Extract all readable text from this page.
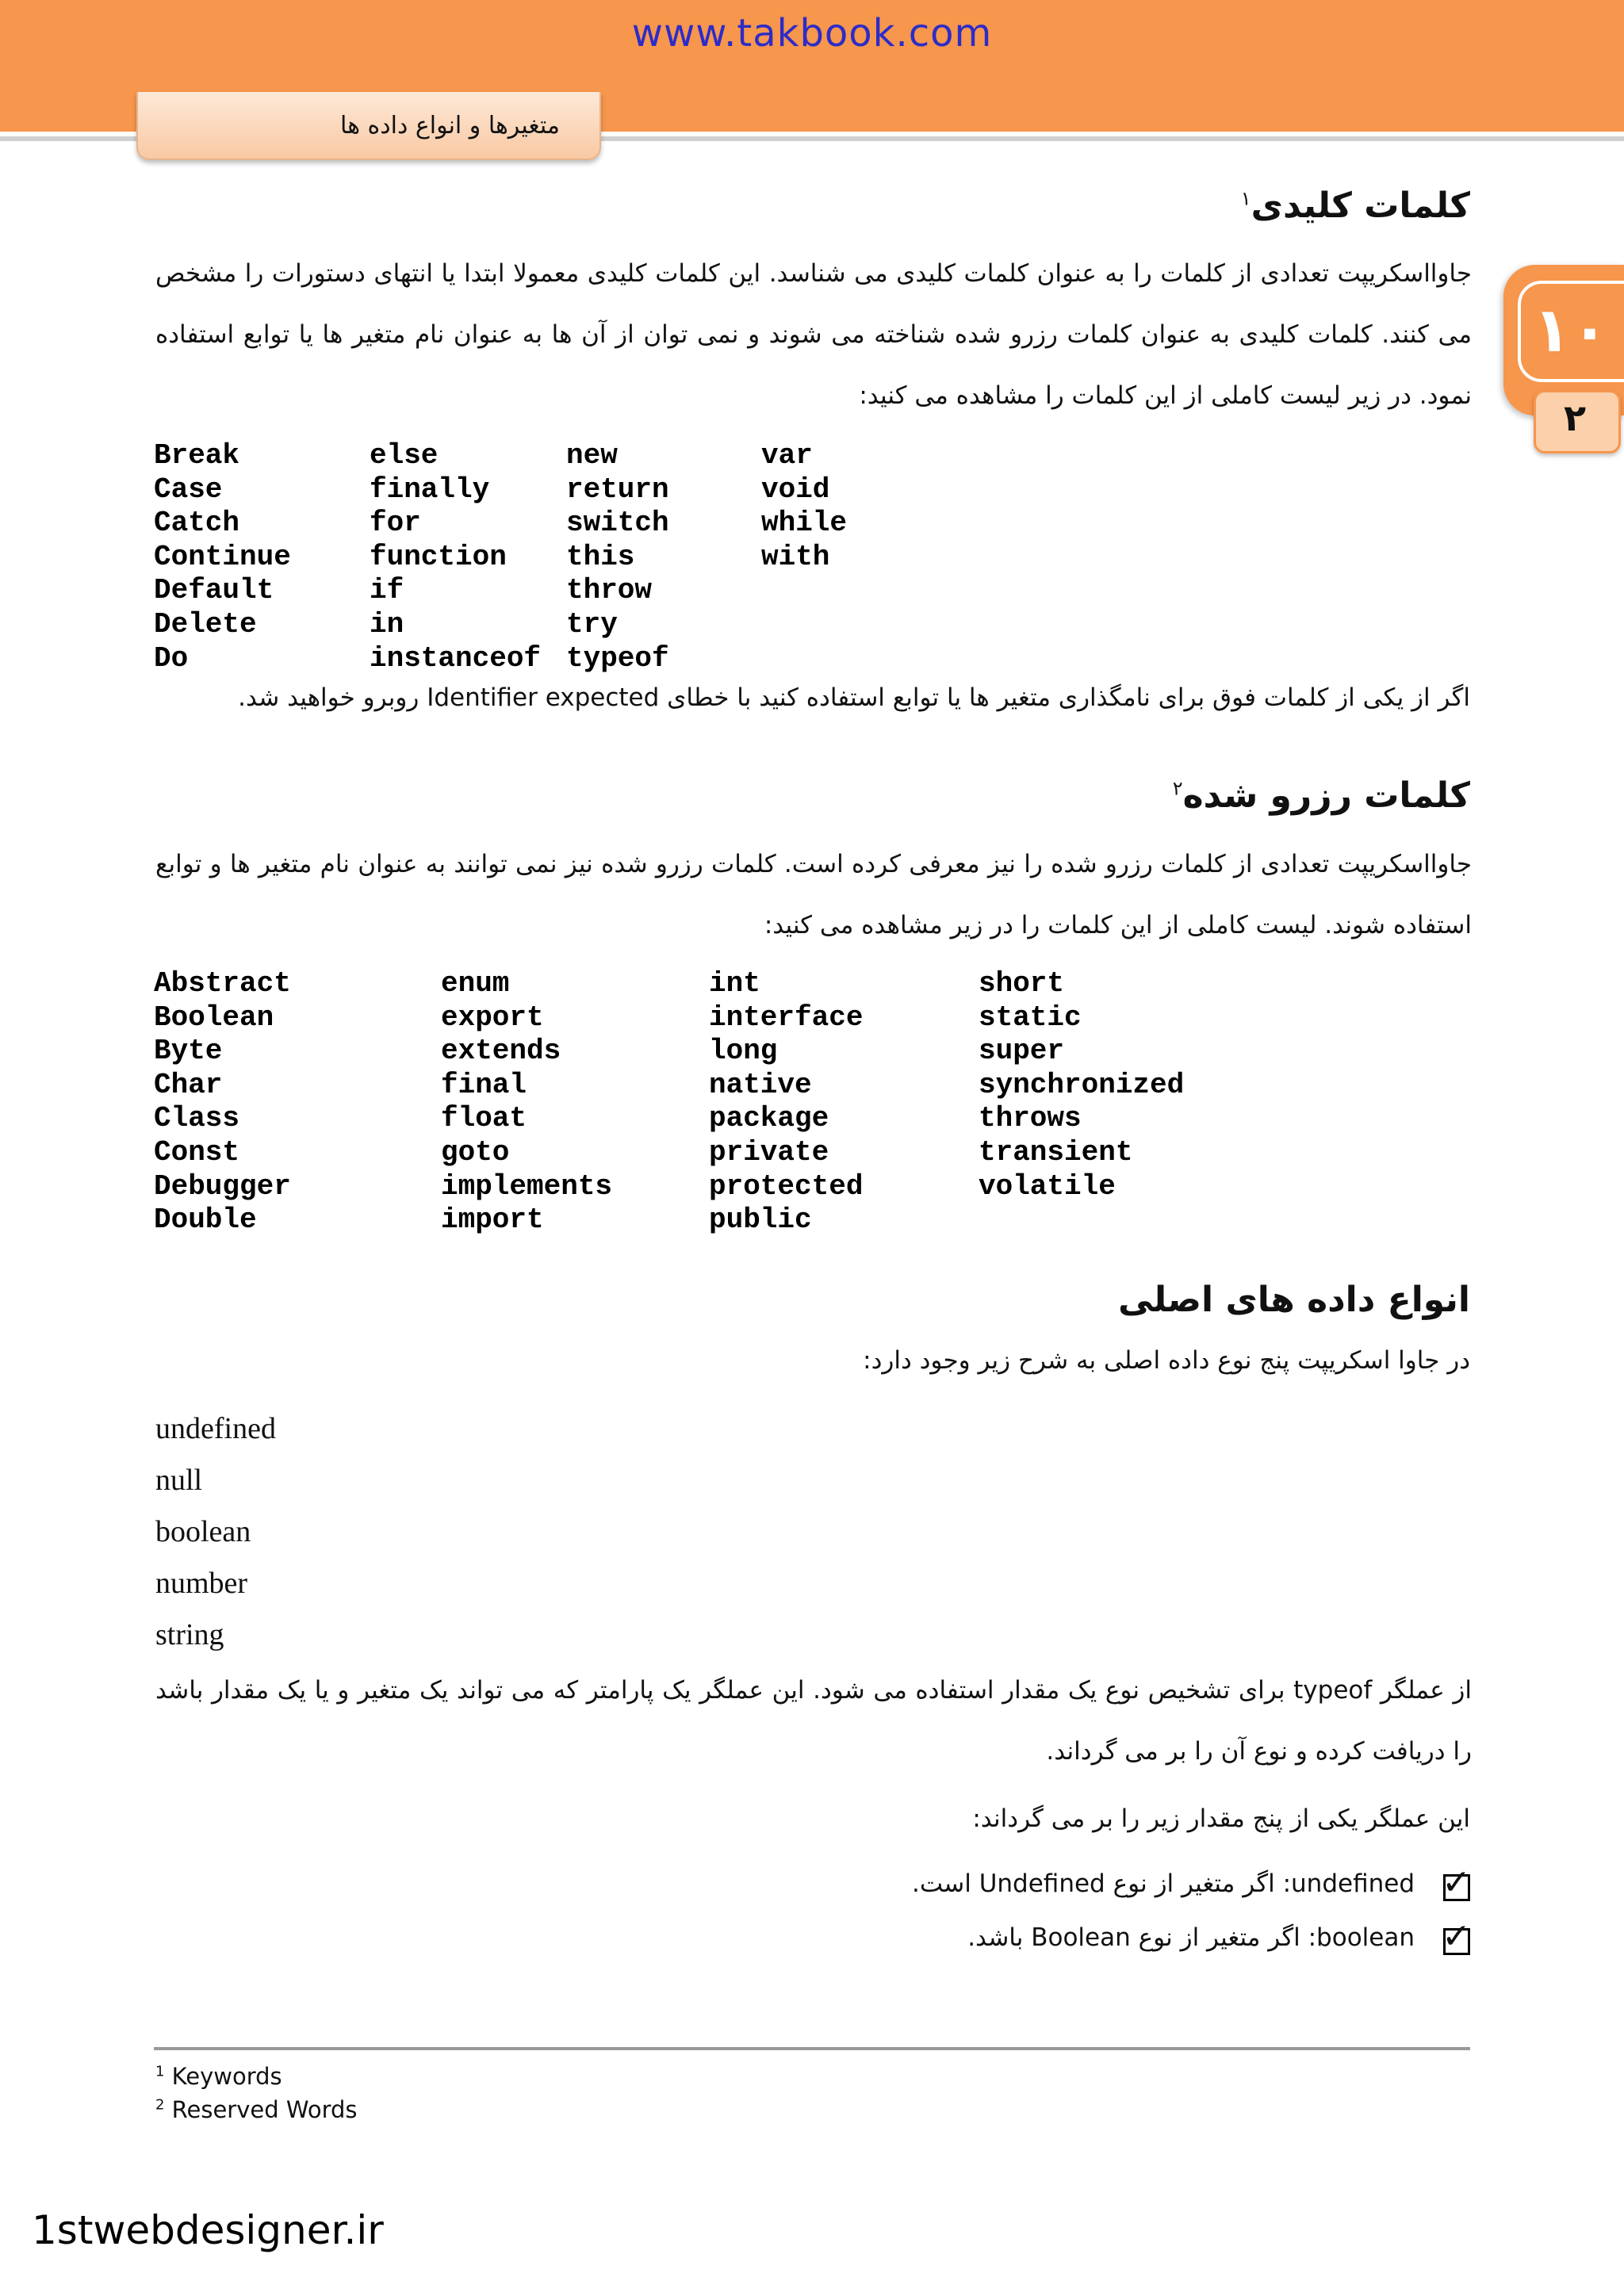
www.takbook.com
متغیرها و انواع داده ها
۱۰
۲
کلمات کلیدی$^۱$
جاوااسکریپت تعدادی از کلمات را به عنوان کلمات کلیدی می شناسد. این کلمات کلیدی معمولا ابتدا یا انتهای دستورات را مشخص می کنند. کلمات کلیدی به عنوان کلمات رزرو شده شناخته می شوند و نمی توان از آن ها به عنوان نام متغیر ها یا توابع استفاده نمود. در زیر لیست کاملی از این کلمات را مشاهده می کنید:
Break
Case
Catch
Continue
Default
Delete
Do
else
finally
for
function
if
in
instanceof
new
return
switch
this
throw
try
typeof
var
void
while
with
اگر از یکی از کلمات فوق برای نامگذاری متغیر ها یا توابع استفاده کنید با خطای Identifier expected روبرو خواهید شد.
کلمات رزرو شده$^۲$
جاوااسکریپت تعدادی از کلمات رزرو شده را نیز معرفی کرده است. کلمات رزرو شده نیز نمی توانند به عنوان نام متغیر ها و توابع استفاده شوند. لیست کاملی از این کلمات را در زیر مشاهده می کنید:
Abstract
Boolean
Byte
Char
Class
Const
Debugger
Double
enum
export
extends
final
float
goto
implements
import
int
interface
long
native
package
private
protected
public
short
static
super
synchronized
throws
transient
volatile
انواع داده های اصلی
در جاوا اسکریپت پنج نوع داده اصلی به شرح زیر وجود دارد:
undefined
null
boolean
number
string
از عملگر typeof برای تشخیص نوع یک مقدار استفاده می شود. این عملگر یک پارامتر که می تواند یک متغیر و یا یک مقدار باشد را دریافت کرده و نوع آن را بر می گرداند.
این عملگر یکی از پنج مقدار زیر را بر می گرداند:
undefined: اگر متغیر از نوع Undefined است. ✓
boolean: اگر متغیر از نوع Boolean باشد. ✓
$^1$ Keywords
$^2$ Reserved Words
1stwebdesigner.ir
